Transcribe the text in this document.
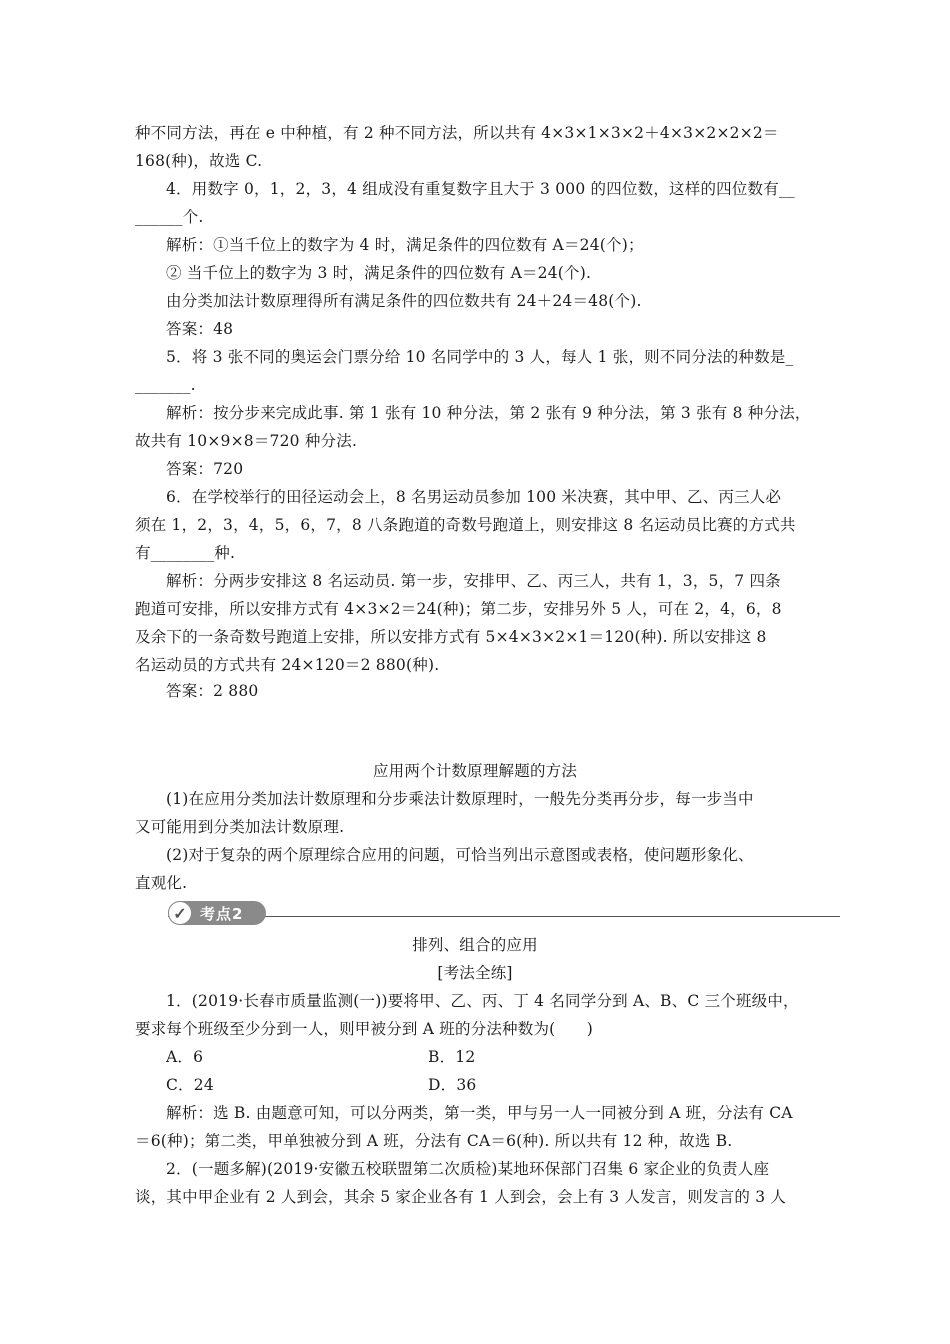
种不同方法，再在 e 中种植，有 2 种不同方法，所以共有 4×3×1×3×2＋4×3×2×2×2＝
168(种)，故选 C.
4．用数字 0，1，2，3，4 组成没有重复数字且大于 3 000 的四位数，这样的四位数有__
______个.
解析：①当千位上的数字为 4 时，满足条件的四位数有 A＝24(个)；
② 当千位上的数字为 3 时，满足条件的四位数有 A＝24(个).
由分类加法计数原理得所有满足条件的四位数共有 24＋24＝48(个).
答案：48
5．将 3 张不同的奥运会门票分给 10 名同学中的 3 人，每人 1 张，则不同分法的种数是_
_______.
解析：按分步来完成此事. 第 1 张有 10 种分法，第 2 张有 9 种分法，第 3 张有 8 种分法，
故共有 10×9×8＝720 种分法.
答案：720
6．在学校举行的田径运动会上，8 名男运动员参加 100 米决赛，其中甲、乙、丙三人必
须在 1，2，3，4，5，6，7，8 八条跑道的奇数号跑道上，则安排这 8 名运动员比赛的方式共
有________种.
解析：分两步安排这 8 名运动员. 第一步，安排甲、乙、丙三人，共有 1，3，5，7 四条
跑道可安排，所以安排方式有 4×3×2＝24(种)；第二步，安排另外 5 人，可在 2，4，6，8
及余下的一条奇数号跑道上安排，所以安排方式有 5×4×3×2×1＝120(种). 所以安排这 8
名运动员的方式共有 24×120＝2 880(种).
答案：2 880
应用两个计数原理解题的方法
(1)在应用分类加法计数原理和分步乘法计数原理时，一般先分类再分步，每一步当中
又可能用到分类加法计数原理.
(2)对于复杂的两个原理综合应用的问题，可恰当列出示意图或表格，使问题形象化、
直观化.
✓ 考点2
排列、组合的应用
[考法全练]
1．(2019·长春市质量监测(一))要将甲、乙、丙、丁 4 名同学分到 A、B、C 三个班级中，
要求每个班级至少分到一人，则甲被分到 A 班的分法种数为(　　)
A．6	B．12
C．24	D．36
解析：选 B. 由题意可知，可以分两类，第一类，甲与另一人一同被分到 A 班，分法有 CA
＝6(种)；第二类，甲单独被分到 A 班，分法有 CA＝6(种). 所以共有 12 种，故选 B.
2．(一题多解)(2019·安徽五校联盟第二次质检)某地环保部门召集 6 家企业的负责人座
谈，其中甲企业有 2 人到会，其余 5 家企业各有 1 人到会，会上有 3 人发言，则发言的 3 人
